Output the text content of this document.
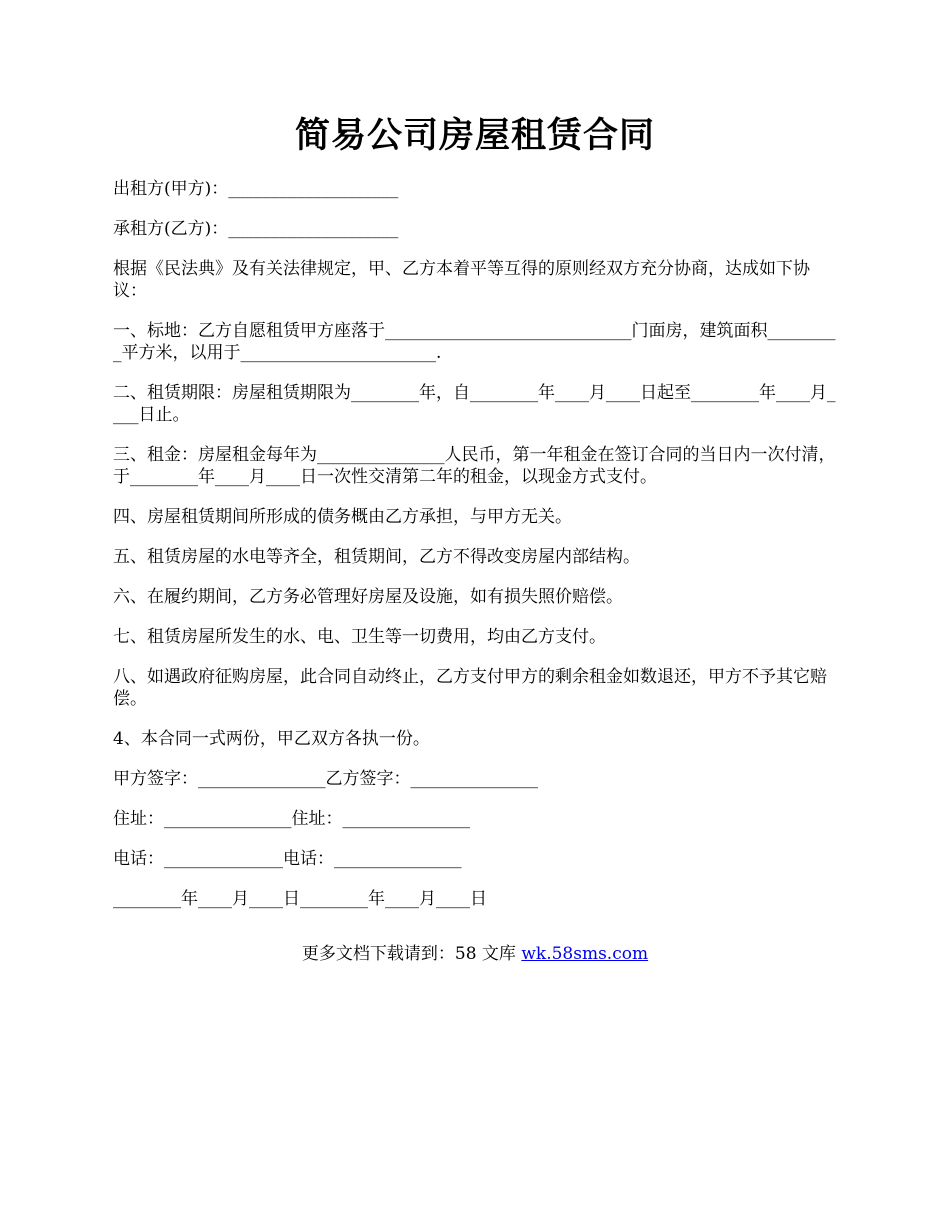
简易公司房屋租赁合同

出租方(甲方)：____________________

承租方(乙方)：____________________

根据《民法典》及有关法律规定，甲、乙方本着平等互得的原则经双方充分协商，达成如下协议：

一、标地：乙方自愿租赁甲方座落于_____________________________门面房，建筑面积_________平方米，以用于_______________________.

二、租赁期限：房屋租赁期限为________年，自________年____月____日起至________年____月____日止。

三、租金：房屋租金每年为_______________人民币，第一年租金在签订合同的当日内一次付清，于________年____月____日一次性交清第二年的租金，以现金方式支付。

四、房屋租赁期间所形成的债务概由乙方承担，与甲方无关。

五、租赁房屋的水电等齐全，租赁期间，乙方不得改变房屋内部结构。

六、在履约期间，乙方务必管理好房屋及设施，如有损失照价赔偿。

七、租赁房屋所发生的水、电、卫生等一切费用，均由乙方支付。

八、如遇政府征购房屋，此合同自动终止，乙方支付甲方的剩余租金如数退还，甲方不予其它赔偿。

4、本合同一式两份，甲乙双方各执一份。

甲方签字：_______________乙方签字：_______________

住址：_______________住址：_______________

电话：______________电话：_______________

________年____月____日________年____月____日

更多文档下载请到：58 文库 wk.58sms.com
